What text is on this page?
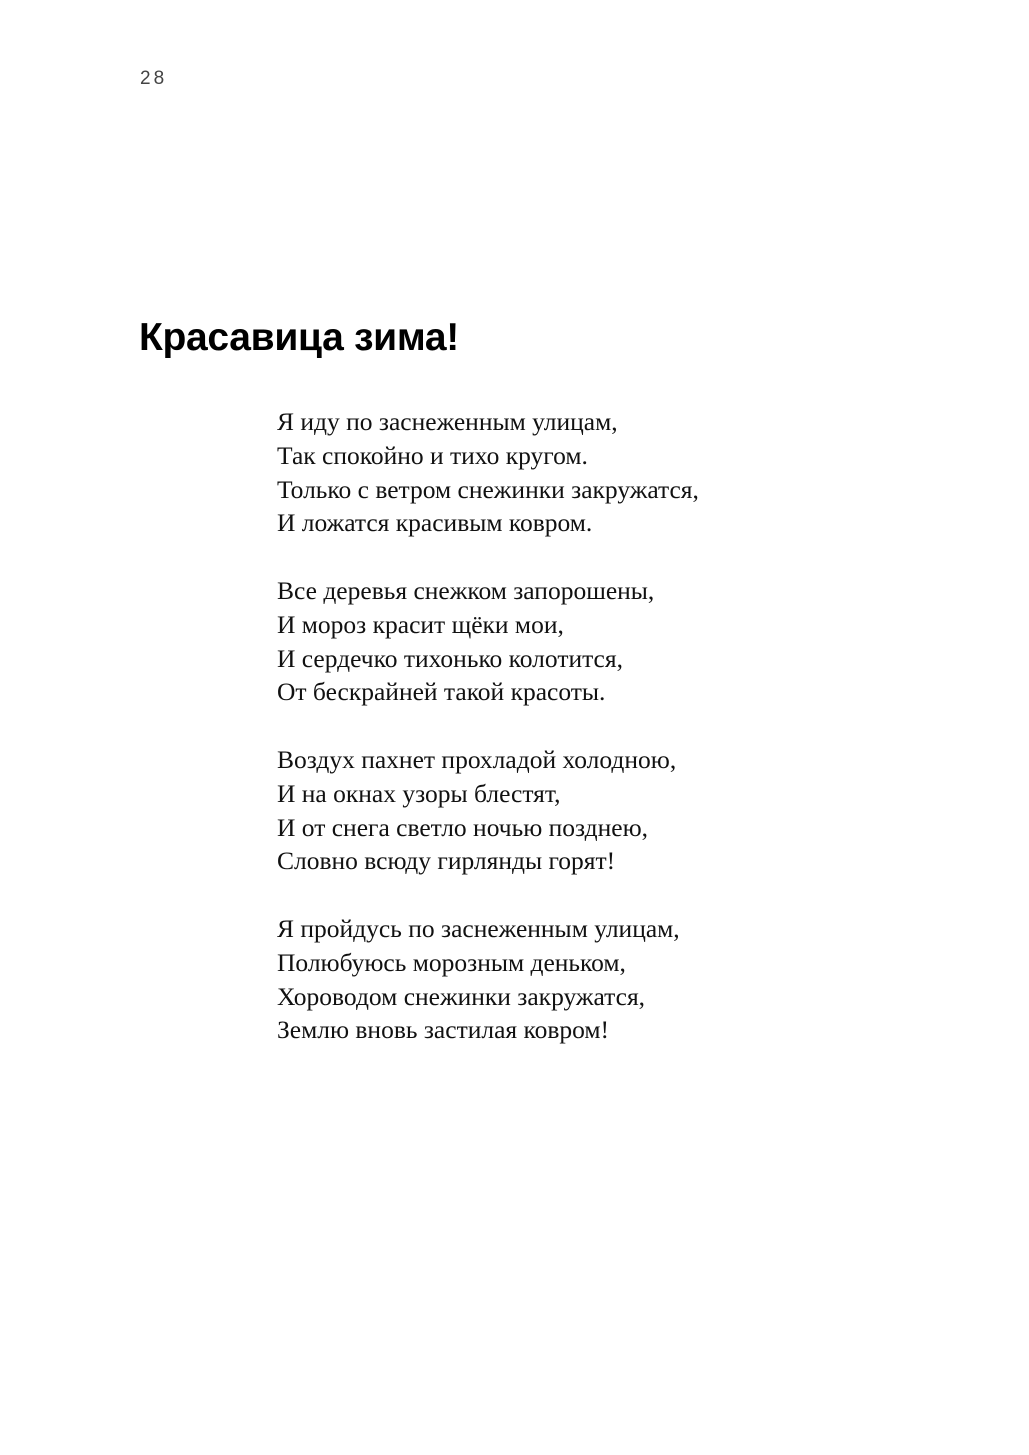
28
Красавица зима!

Я иду по заснеженным улицам,
Так спокойно и тихо кругом.
Только с ветром снежинки закружатся,
И ложатся красивым ковром.

Все деревья снежком запорошены,
И мороз красит щёки мои,
И сердечко тихонько колотится,
От бескрайней такой красоты.

Воздух пахнет прохладой холодною,
И на окнах узоры блестят,
И от снега светло ночью позднею,
Словно всюду гирлянды горят!

Я пройдусь по заснеженным улицам,
Полюбуюсь морозным деньком,
Хороводом снежинки закружатся,
Землю вновь застилая ковром!
